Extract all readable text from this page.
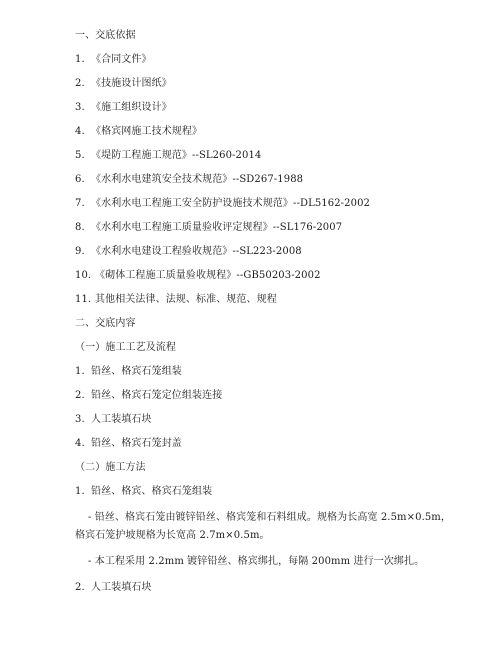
一、交底依据
1. 《合同文件》
2. 《技施设计图纸》
3. 《施工组织设计》
4. 《格宾网施工技术规程》
5. 《堤防工程施工规范》--SL260-2014
6. 《水利水电建筑安全技术规范》--SD267-1988
7. 《水利水电工程施工安全防护设施技术规范》--DL5162-2002
8. 《水利水电工程施工质量验收评定规程》--SL176-2007
9. 《水利水电建设工程验收规范》--SL223-2008
10. 《砌体工程施工质量验收规程》--GB50203-2002
11. 其他相关法律、法规、标准、规范、规程
二、交底内容
（一）施工工艺及流程
1. 铅丝、格宾石笼组装
2. 铅丝、格宾石笼定位组装连接
3. 人工装填石块
4. 铅丝、格宾石笼封盖
（二）施工方法
1. 铅丝、格宾、格宾石笼组装
- 铅丝、格宾石笼由镀锌铅丝、格宾笼和石料组成。规格为长高宽 2.5m×0.5m，
格宾石笼护坡规格为长宽高 2.7m×0.5m。
- 本工程采用 2.2mm 镀锌铅丝、格宾绑扎，每隔 200mm 进行一次绑扎。
2. 人工装填石块
